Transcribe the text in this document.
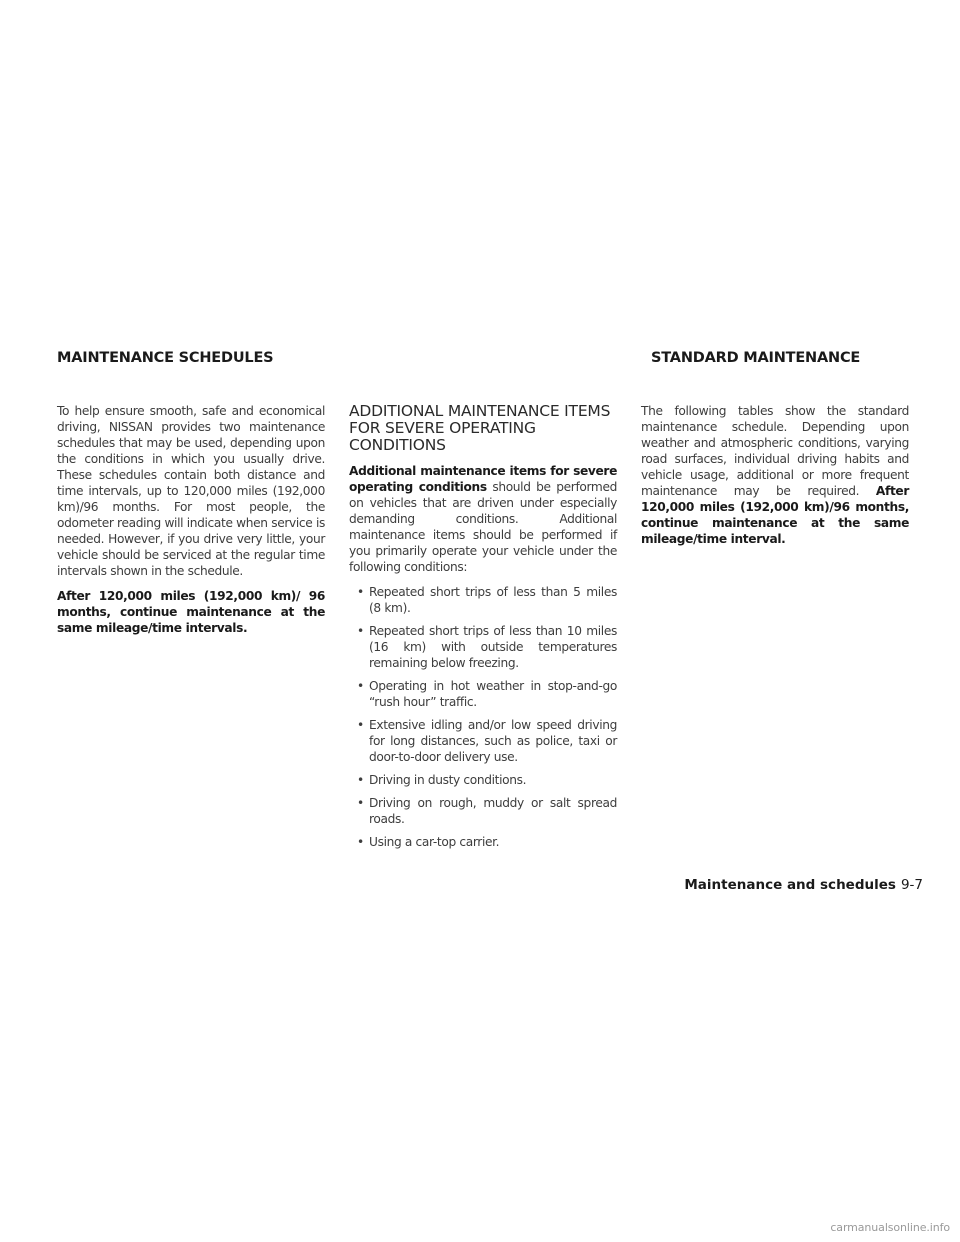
MAINTENANCE SCHEDULES	STANDARD MAINTENANCE

To help ensure smooth, safe and economical driving, NISSAN provides two maintenance schedules that may be used, depending upon the conditions in which you usually drive. These schedules contain both distance and time intervals, up to 120,000 miles (192,000 km)/96 months. For most people, the odometer reading will indicate when service is needed. However, if you drive very little, your vehicle should be serviced at the regular time intervals shown in the schedule.

After 120,000 miles (192,000 km)/ 96 months, continue maintenance at the same mileage/time intervals.

ADDITIONAL MAINTENANCE ITEMS FOR SEVERE OPERATING CONDITIONS

Additional maintenance items for severe operating conditions should be performed on vehicles that are driven under especially demanding conditions. Additional maintenance items should be performed if you primarily operate your vehicle under the following conditions:

• Repeated short trips of less than 5 miles (8 km).
• Repeated short trips of less than 10 miles (16 km) with outside temperatures remaining below freezing.
• Operating in hot weather in stop-and-go “rush hour” traffic.
• Extensive idling and/or low speed driving for long distances, such as police, taxi or door-to-door delivery use.
• Driving in dusty conditions.
• Driving on rough, muddy or salt spread roads.
• Using a car-top carrier.

The following tables show the standard maintenance schedule. Depending upon weather and atmospheric conditions, varying road surfaces, individual driving habits and vehicle usage, additional or more frequent maintenance may be required. After 120,000 miles (192,000 km)/96 months, continue maintenance at the same mileage/time interval.

Maintenance and schedules 9-7
carmanualsonline.info
